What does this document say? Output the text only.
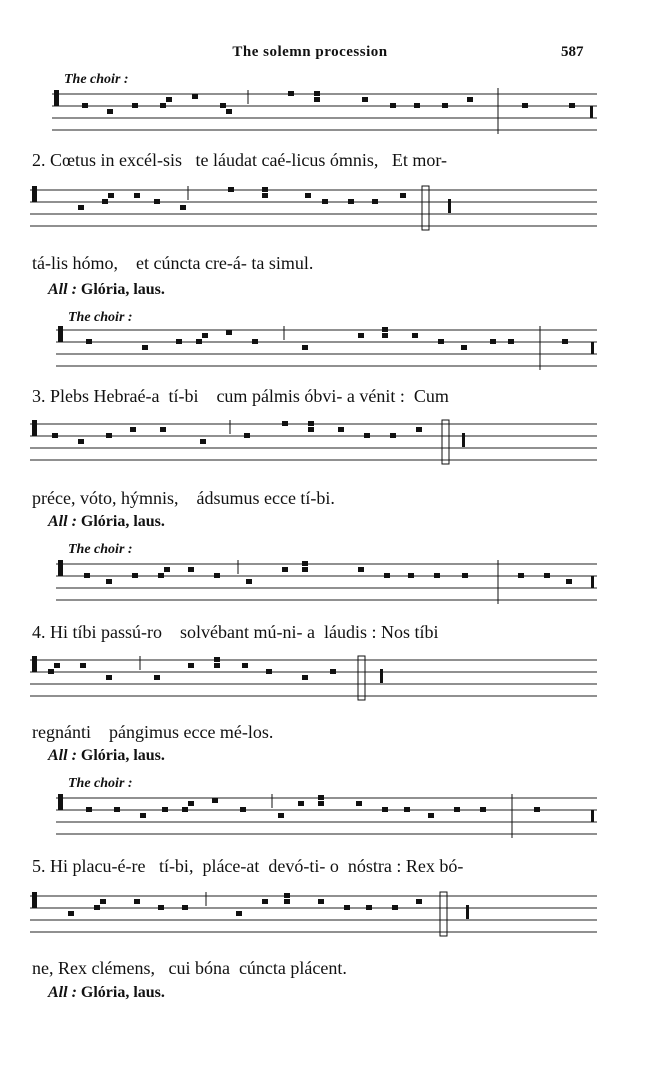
The solemn procession	587
The choir :
2. Cœtus in excél-sis   te láudat caé-licus ómnis,   Et mor-
tá-lis hómo,    et cúncta cre-á- ta simul.
All : Glória, laus.
The choir :
3. Plebs Hebraé-a  tí-bi    cum pálmis óbvi- a vénit :  Cum
préce, vóto, hýmnis,    ádsumus ecce tí-bi.
All : Glória, laus.
The choir :
4. Hi tíbi passú-ro    solvébant mú-ni- a  láudis : Nos tíbi
regnánti    pángimus ecce mé-los.
All : Glória, laus.
The choir :
5. Hi placu-é-re   tí-bi,  pláce-at  devó-ti- o  nóstra : Rex bó-
ne, Rex clémens,   cui bóna  cúncta plácent.
All : Glória, laus.
